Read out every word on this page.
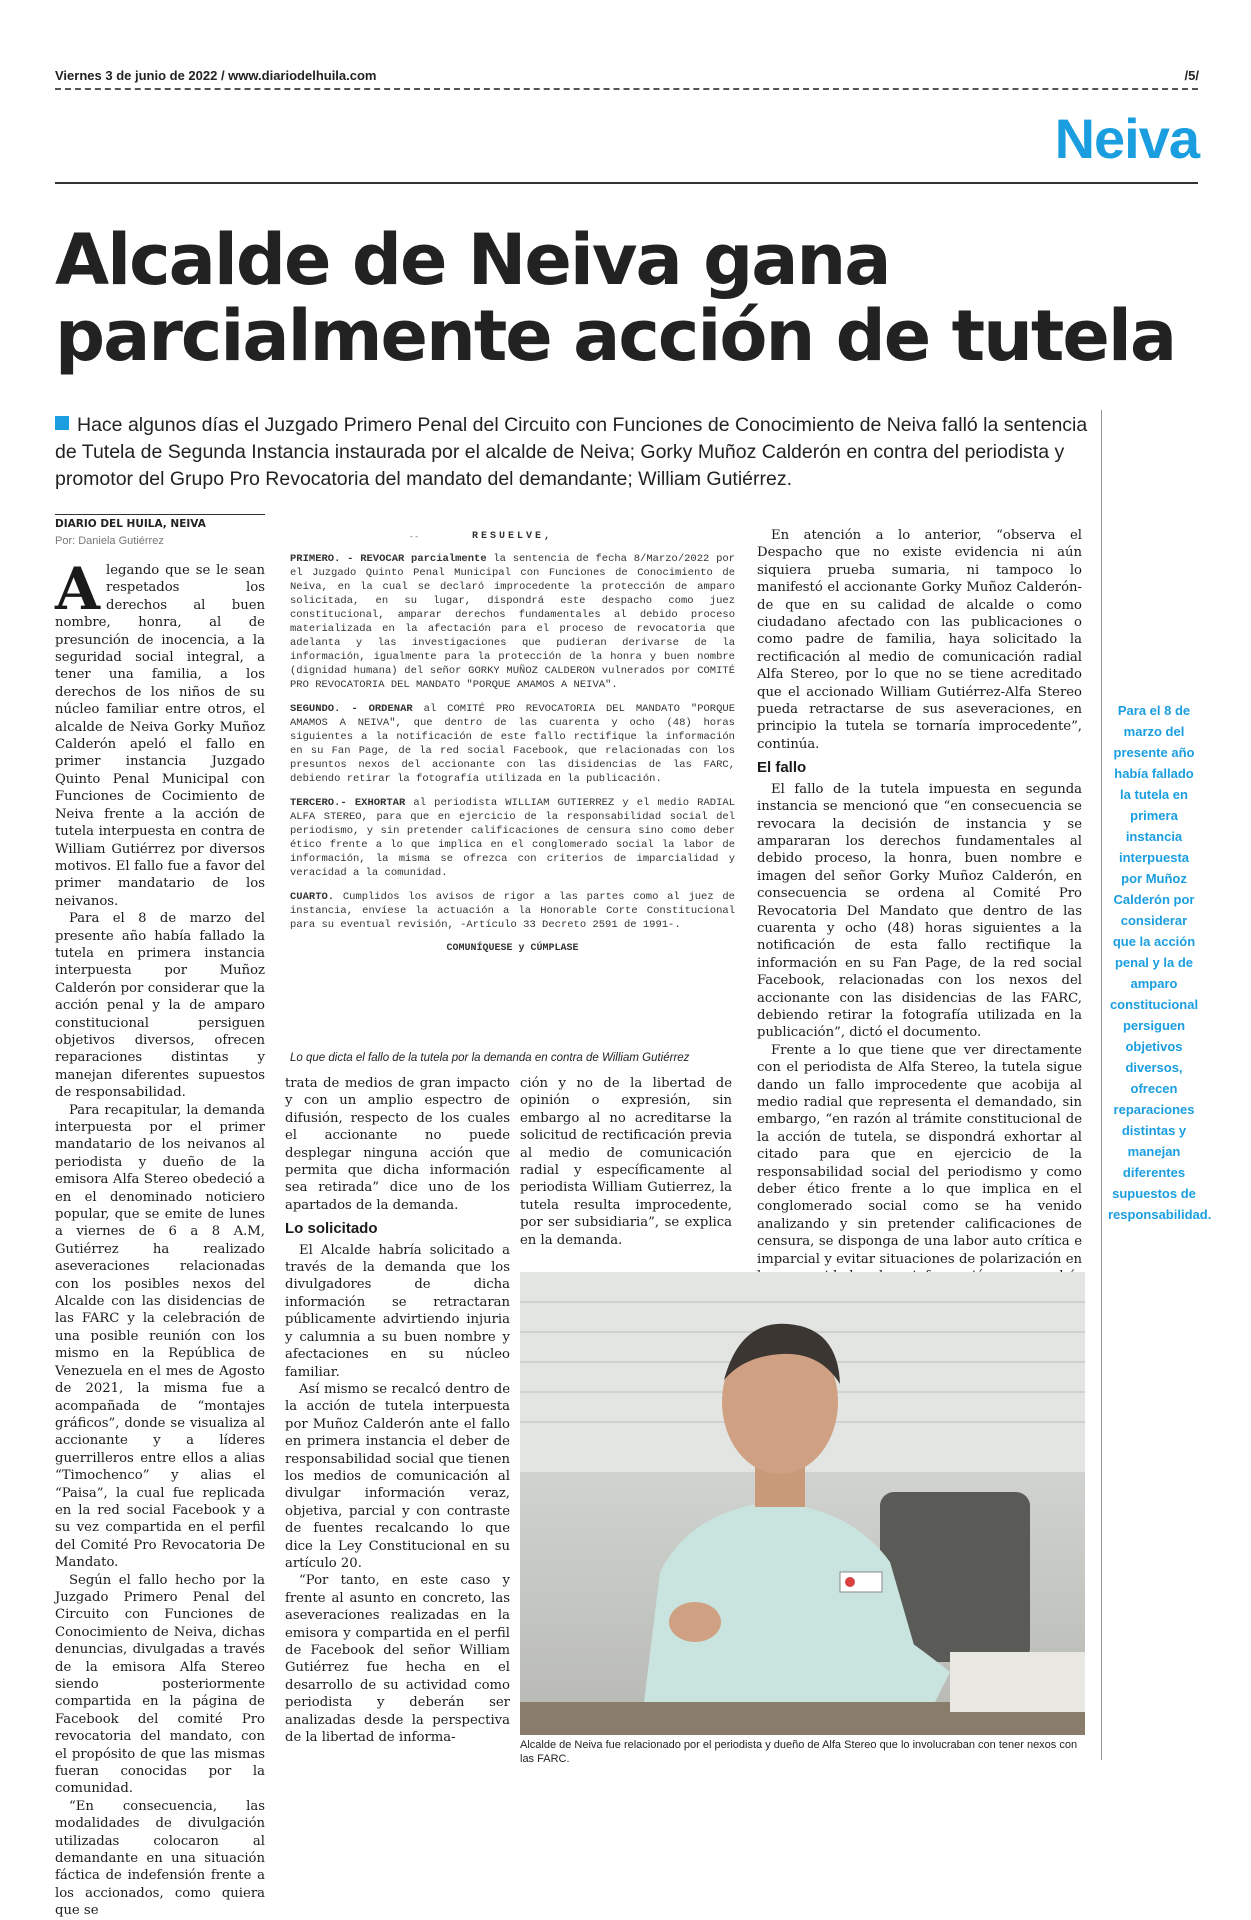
Viernes 3 de junio de 2022 / www.diariodelhuila.com	/5/
Neiva
Alcalde de Neiva gana
parcialmente acción de tutela
Hace algunos días el Juzgado Primero Penal del Circuito con Funciones de Conocimiento de Neiva falló la sentencia de Tutela de Segunda Instancia instaurada por el alcalde de Neiva; Gorky Muñoz Calderón en contra del periodista y promotor del Grupo Pro Revocatoria del mandato del demandante; William Gutiérrez.
DIARIO DEL HUILA, NEIVA
Por: Daniela Gutiérrez

Alegando que se le sean respetados los derechos al buen nombre, honra, al de presunción de inocencia, a la seguridad social integral, a tener una familia, a los derechos de los niños de su núcleo familiar entre otros, el alcalde de Neiva Gorky Muñoz Calderón apeló el fallo en primer instancia Juzgado Quinto Penal Municipal con Funciones de Cocimiento de Neiva frente a la acción de tutela interpuesta en contra de William Gutiérrez por diversos motivos. El fallo fue a favor del primer mandatario de los neivanos.

Para el 8 de marzo del presente año había fallado la tutela en primera instancia interpuesta por Muñoz Calderón por considerar que la acción penal y la de amparo constitucional persiguen objetivos diversos, ofrecen reparaciones distintas y manejan diferentes supuestos de responsabilidad.

Para recapitular, la demanda interpuesta por el primer mandatario de los neivanos al periodista y dueño de la emisora Alfa Stereo obedeció a en el denominado noticiero popular, que se emite de lunes a viernes de 6 a 8 A.M, Gutiérrez ha realizado aseveraciones relacionadas con los posibles nexos del Alcalde con las disidencias de las FARC y la celebración de una posible reunión con los mismo en la República de Venezuela en el mes de Agosto de 2021, la misma fue a acompañada de “montajes gráficos”, donde se visualiza al accionante y a líderes guerrilleros entre ellos a alias “Timochenco” y alias el “Paisa”, la cual fue replicada en la red social Facebook y a su vez compartida en el perfil del Comité Pro Revocatoria De Mandato.

Según el fallo hecho por la Juzgado Primero Penal del Circuito con Funciones de Conocimiento de Neiva, dichas denuncias, divulgadas a través de la emisora Alfa Stereo siendo posteriormente compartida en la página de Facebook del comité Pro revocatoria del mandato, con el propósito de que las mismas fueran conocidas por la comunidad.

“En consecuencia, las modalidades de divulgación utilizadas colocaron al demandante en una situación fáctica de indefensión frente a los accionados, como quiera que se

- -	RESUELVE,

PRIMERO. - REVOCAR parcialmente la sentencia de fecha 8/Marzo/2022 por el Juzgado Quinto Penal Municipal con Funciones de Conocimiento de Neiva, en la cual se declaró improcedente la protección de amparo solicitada, en su lugar, dispondrá este despacho como juez constitucional, amparar derechos fundamentales al debido proceso materializada en la afectación para el proceso de revocatoria que adelanta y las investigaciones que pudieran derivarse de la información, igualmente para la protección de la honra y buen nombre (dignidad humana) del señor GORKY MUÑOZ CALDERON vulnerados por COMITÉ PRO REVOCATORIA DEL MANDATO "PORQUE AMAMOS A NEIVA".

SEGUNDO. - ORDENAR al COMITÉ PRO REVOCATORIA DEL MANDATO "PORQUE AMAMOS A NEIVA", que dentro de las cuarenta y ocho (48) horas siguientes a la notificación de este fallo rectifique la información en su Fan Page, de la red social Facebook, que relacionadas con los presuntos nexos del accionante con las disidencias de las FARC, debiendo retirar la fotografía utilizada en la publicación.

TERCERO.- EXHORTAR al periodista WILLIAM GUTIERREZ y el medio RADIAL ALFA STEREO, para que en ejercicio de la responsabilidad social del periodismo, y sin pretender calificaciones de censura sino como deber ético frente a lo que implica en el conglomerado social la labor de información, la misma se ofrezca con criterios de imparcialidad y veracidad a la comunidad.

CUARTO. Cumplidos los avisos de rigor a las partes como al juez de instancia, envíese la actuación a la Honorable Corte Constitucional para su eventual revisión, -Artículo 33 Decreto 2591 de 1991-.

COMUNÍQUESE y CÚMPLASE
Lo que dicta el fallo de la tutela por la demanda en contra de William Gutiérrez

trata de medios de gran impacto y con un amplio espectro de difusión, respecto de los cuales el accionante no puede desplegar ninguna acción que permita que dicha información sea retirada” dice uno de los apartados de la demanda.

Lo solicitado

El Alcalde habría solicitado a través de la demanda que los divulgadores de dicha información se retractaran públicamente advirtiendo injuria y calumnia a su buen nombre y afectaciones en su núcleo familiar.

Así mismo se recalcó dentro de la acción de tutela interpuesta por Muñoz Calderón ante el fallo en primera instancia el deber de responsabilidad social que tienen los medios de comunicación al divulgar información veraz, objetiva, parcial y con contraste de fuentes recalcando lo que dice la Ley Constitucional en su artículo 20.

“Por tanto, en este caso y frente al asunto en concreto, las aseveraciones realizadas en la emisora y compartida en el perfil de Facebook del señor William Gutiérrez fue hecha en el desarrollo de su actividad como periodista y deberán ser analizadas desde la perspectiva de la libertad de informa-

ción y no de la libertad de opinión o expresión, sin embargo al no acreditarse la solicitud de rectificación previa al medio de comunicación radial y específicamente al periodista William Gutierrez, la tutela resulta improcedente, por ser subsidiaria”, se explica en la demanda.

En atención a lo anterior, “observa el Despacho que no existe evidencia ni aún siquiera prueba sumaria, ni tampoco lo manifestó el accionante Gorky Muñoz Calderón- de que en su calidad de alcalde o como ciudadano afectado con las publicaciones o como padre de familia, haya solicitado la rectificación al medio de comunicación radial Alfa Stereo, por lo que no se tiene acreditado que el accionado William Gutiérrez-Alfa Stereo pueda retractarse de sus aseveraciones, en principio la tutela se tornaría improcedente”, continúa.

El fallo

El fallo de la tutela impuesta en segunda instancia se mencionó que “en consecuencia se revocara la decisión de instancia y se ampararan los derechos fundamentales al debido proceso, la honra, buen nombre e imagen del señor Gorky Muñoz Calderón, en consecuencia se ordena al Comité Pro Revocatoria Del Mandato que dentro de las cuarenta y ocho (48) horas siguientes a la notificación de esta fallo rectifique la información en su Fan Page, de la red social Facebook, relacionadas con los nexos del accionante con las disidencias de las FARC, debiendo retirar la fotografía utilizada en la publicación”, dictó el documento.

Frente a lo que tiene que ver directamente con el periodista de Alfa Stereo, la tutela sigue dando un fallo improcedente que acobija al medio radial que representa el demandado, sin embargo, “en razón al trámite constitucional de la acción de tutela, se dispondrá exhortar al citado para que en ejercicio de la responsabilidad social del periodismo y como deber ético frente a lo que implica en el conglomerado social como se ha venido analizando y sin pretender calificaciones de censura, se disponga de una labor auto crítica e imparcial y evitar situaciones de polarización en

Alcalde de Neiva fue relacionado por el periodista y dueño de Alfa Stereo que lo involucraban con tener nexos con las FARC.
Para el 8 de marzo del presente año había fallado la tutela en primera instancia interpuesta por Muñoz Calderón por considerar que la acción penal y la de amparo constitucional persiguen objetivos diversos, ofrecen reparaciones distintas y manejan diferentes supuestos de responsabilidad.
